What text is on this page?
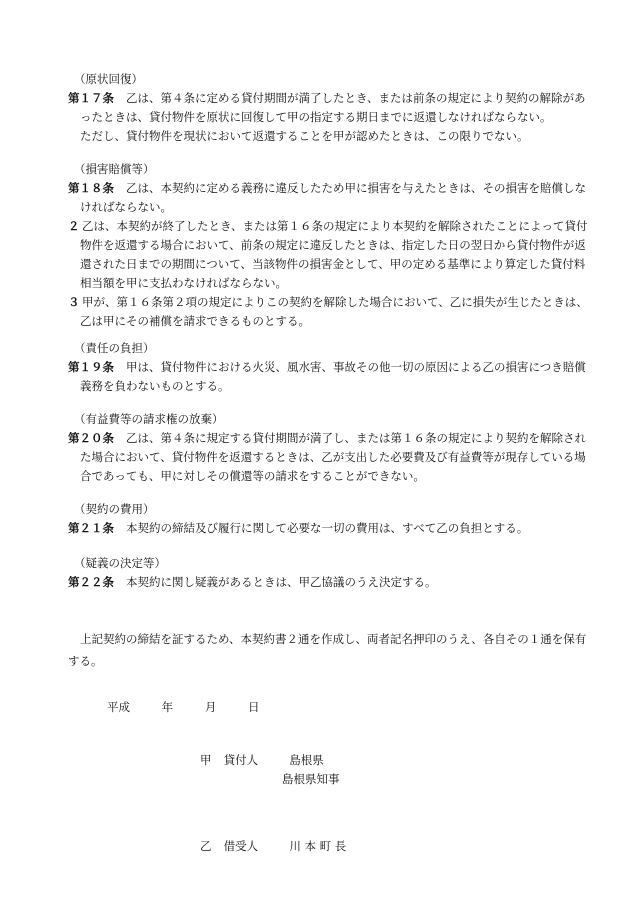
（原状回復）
第１７条 乙は、第４条に定める貸付期間が満了したとき、または前条の規定により契約の解除があったときは、貸付物件を原状に回復して甲の指定する期日までに返還しなければならない。
ただし、貸付物件を現状において返還することを甲が認めたときは、この限りでない。
（損害賠償等）
第１８条 乙は、本契約に定める義務に違反したため甲に損害を与えたときは、その損害を賠償しなければならない。
２ 乙は、本契約が終了したとき、または第１６条の規定により本契約を解除されたことによって貸付物件を返還する場合において、前条の規定に違反したときは、指定した日の翌日から貸付物件が返還された日までの期間について、当該物件の損害金として、甲の定める基準により算定した貸付料相当額を甲に支払わなければならない。
３ 甲が、第１６条第２項の規定によりこの契約を解除した場合において、乙に損失が生じたときは、乙は甲にその補償を請求できるものとする。
（責任の負担）
第１９条 甲は、貸付物件における火災、風水害、事故その他一切の原因による乙の損害につき賠償義務を負わないものとする。
（有益費等の請求権の放棄）
第２０条 乙は、第４条に規定する貸付期間が満了し、または第１６条の規定により契約を解除された場合において、貸付物件を返還するときは、乙が支出した必要費及び有益費等が現存している場合であっても、甲に対しその償還等の請求をすることができない。
（契約の費用）
第２１条 本契約の締結及び履行に関して必要な一切の費用は、すべて乙の負担とする。
（疑義の決定等）
第２２条 本契約に関し疑義があるときは、甲乙協議のうえ決定する。
上記契約の締結を証するため、本契約書２通を作成し、両者記名押印のうえ、各自その１通を保有する。
平成	年	月	日
甲 貸付人	島根県
島根県知事
乙 借受人	川 本 町 長
